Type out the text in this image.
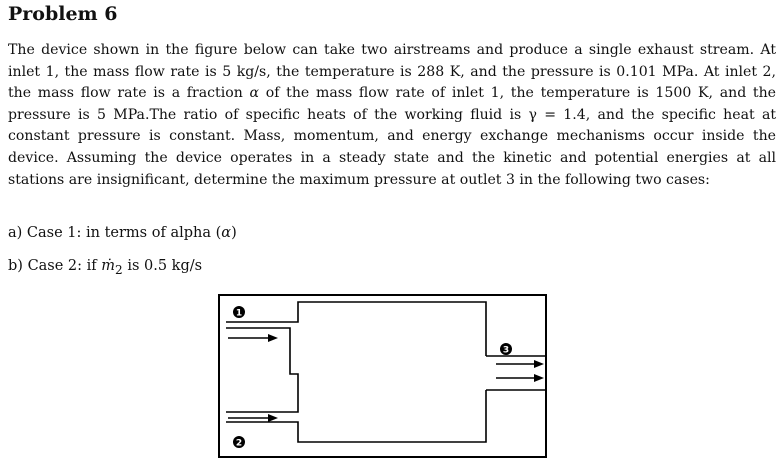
Problem 6

The device shown in the figure below can take two airstreams and produce a single exhaust stream. At inlet 1, the mass flow rate is 5 kg/s, the temperature is 288 K, and the pressure is 0.101 MPa. At inlet 2, the mass flow rate is a fraction α of the mass flow rate of inlet 1, the temperature is 1500 K, and the pressure is 5 MPa.The ratio of specific heats of the working fluid is γ = 1.4, and the specific heat at constant pressure is constant. Mass, momentum, and energy exchange mechanisms occur inside the device. Assuming the device operates in a steady state and the kinetic and potential energies at all stations are insignificant, determine the maximum pressure at outlet 3 in the following two cases:

a) Case 1: in terms of alpha (α)

b) Case 2: if ṁ$_2$ is 0.5 kg/s

1
2
3
